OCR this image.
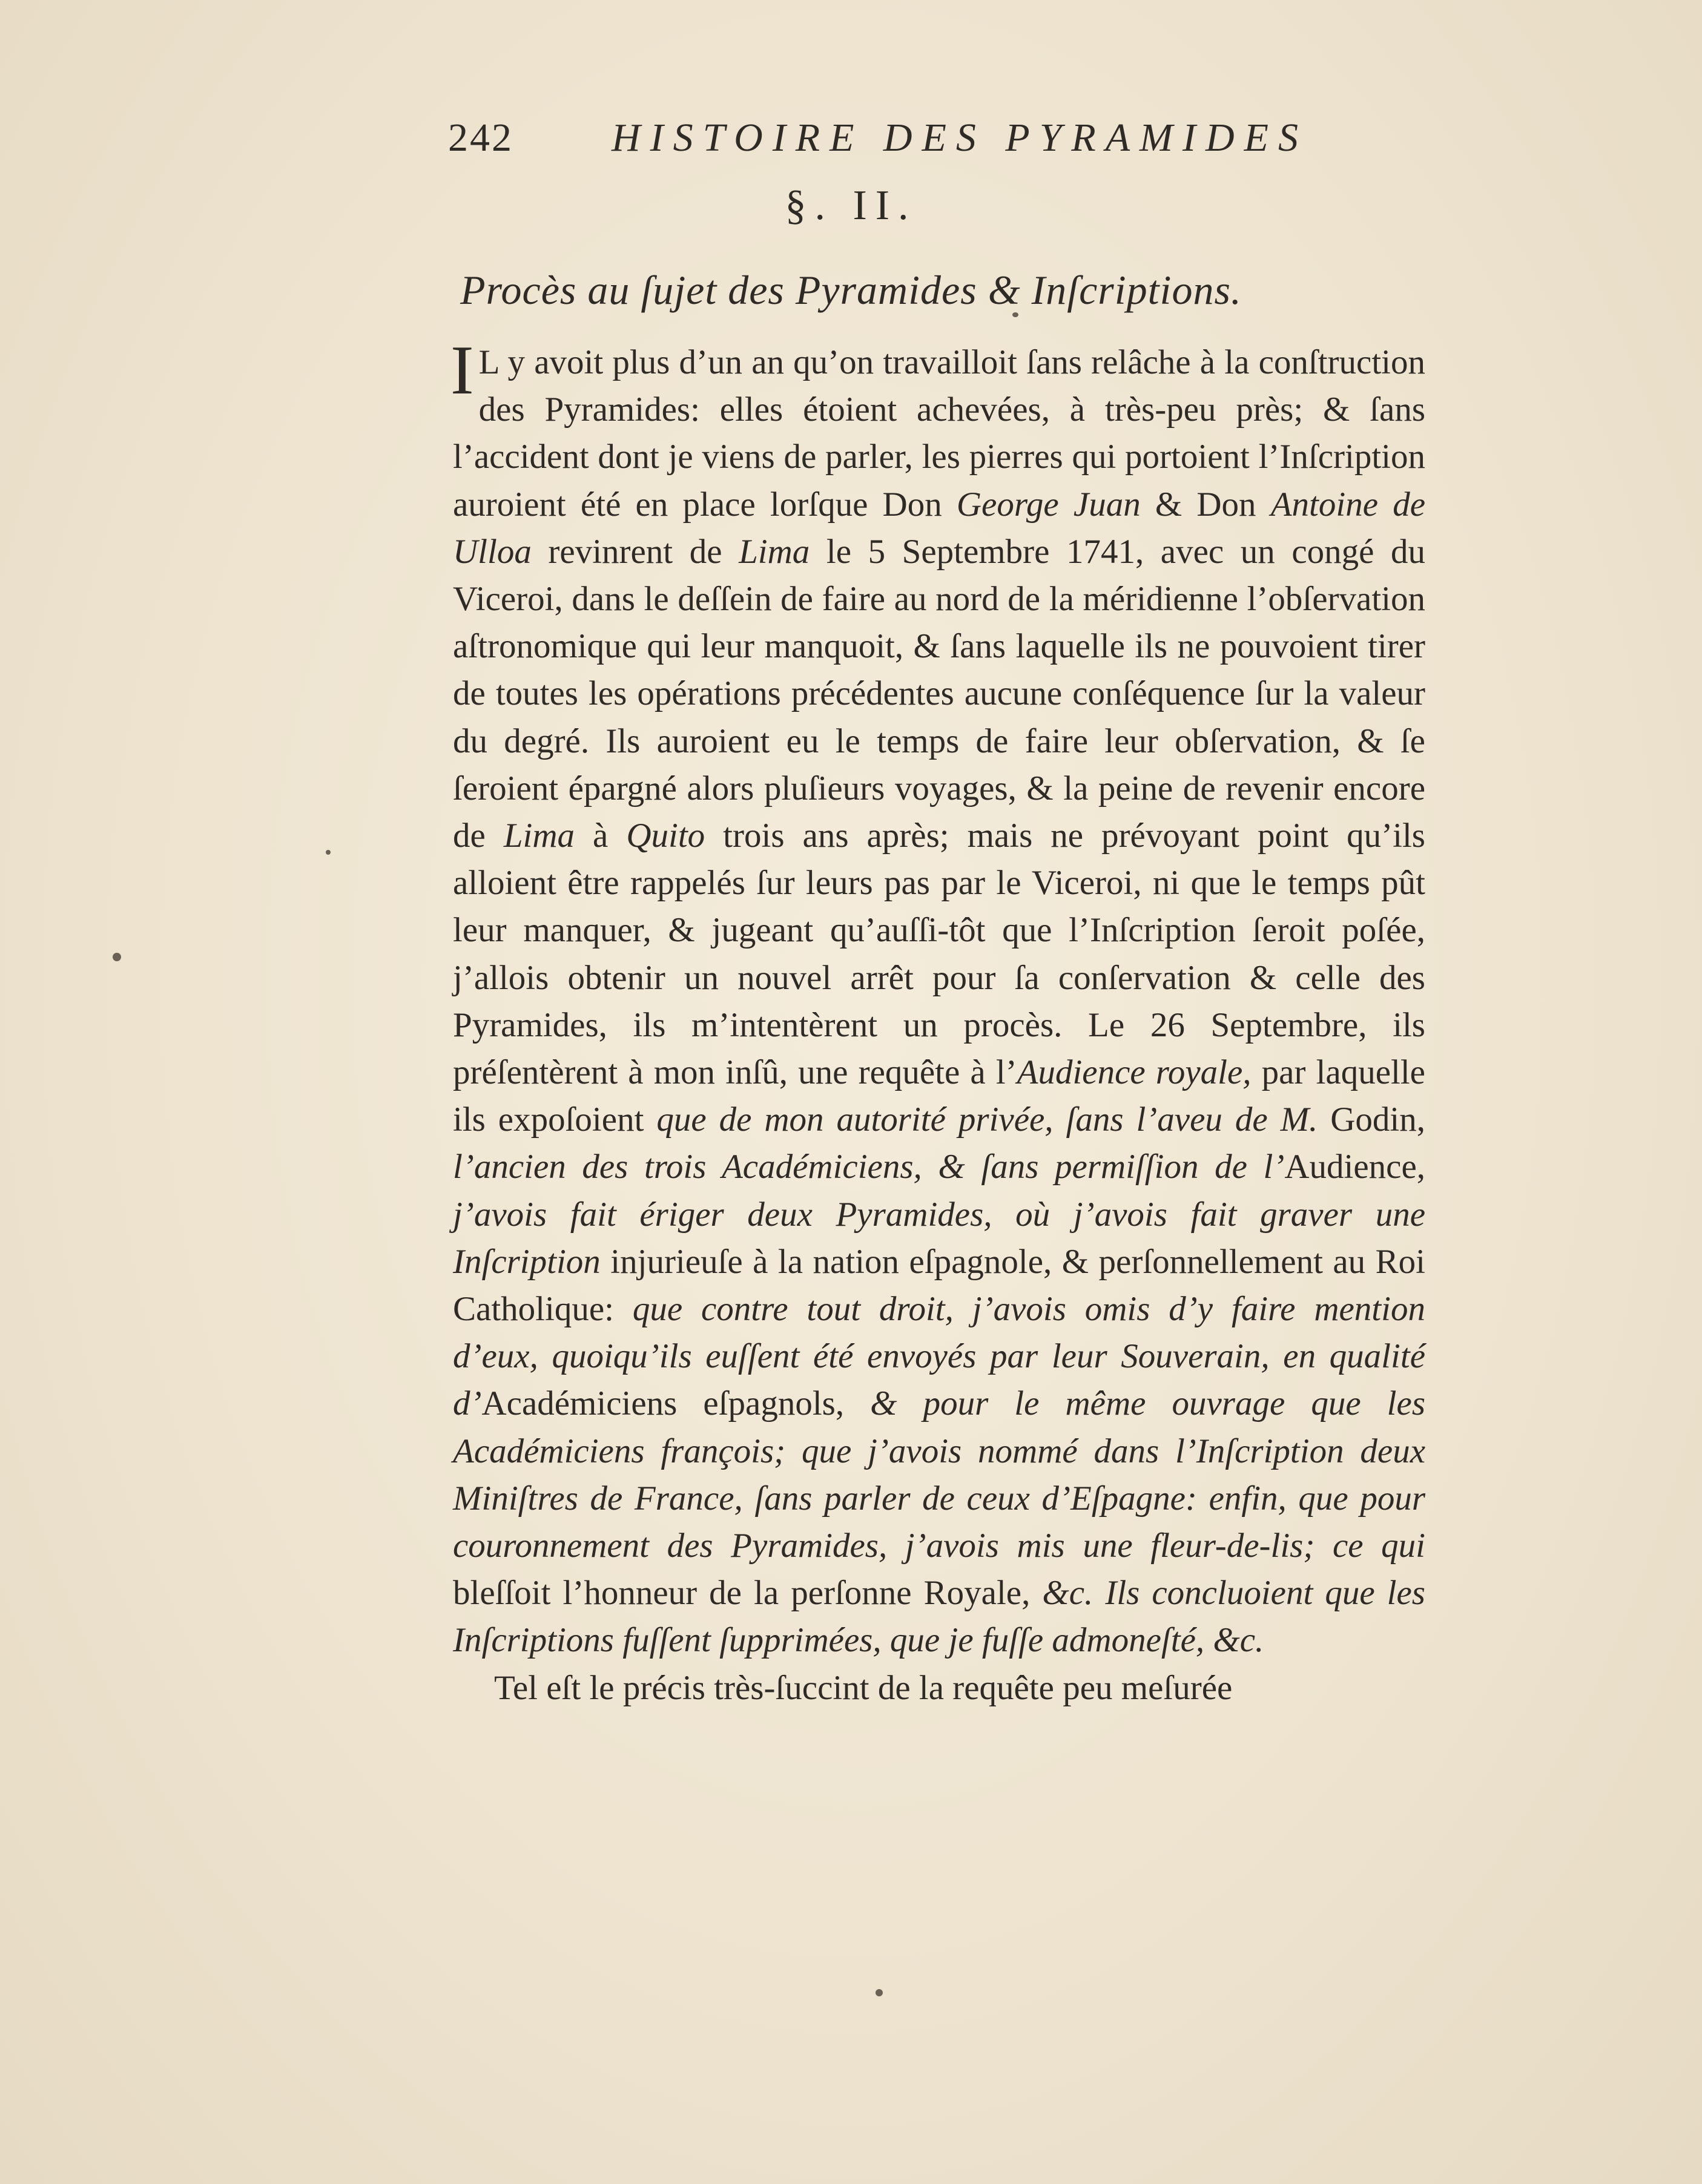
242 HISTOIRE DES PYRAMIDES
§. II.
Procès au ſujet des Pyramides & Inſcriptions.

I L y avoit plus d’un an qu’on travailloit ſans relâche à la conſtruction des Pyramides: elles étoient achevées, à très-peu près; & ſans l’accident dont je viens de parler, les pierres qui portoient l’Inſcription auroient été en place lorſque Don George Juan & Don Antoine de Ulloa revinrent de Lima le 5 Septembre 1741, avec un congé du Viceroi, dans le deſſein de faire au nord de la méridienne l’obſervation aſtronomique qui leur manquoit, & ſans laquelle ils ne pouvoient tirer de toutes les opérations précédentes aucune conſéquence ſur la valeur du degré. Ils auroient eu le temps de faire leur obſervation, & ſe ſeroient épargné alors pluſieurs voyages, & la peine de revenir encore de Lima à Quito trois ans après; mais ne prévoyant point qu’ils alloient être rappelés ſur leurs pas par le Viceroi, ni que le temps pût leur manquer, & jugeant qu’auſſi-tôt que l’Inſcription ſeroit poſée, j’allois obtenir un nouvel arrêt pour ſa conſervation & celle des Pyramides, ils m’intentèrent un procès. Le 26 Septembre, ils préſentèrent à mon inſû, une requête à l’Audience royale, par laquelle ils expoſoient que de mon autorité privée, ſans l’aveu de M. Godin, l’ancien des trois Académiciens, & ſans permiſſion de l’Audience, j’avois fait ériger deux Pyramides, où j’avois fait graver une Inſcription injurieuſe à la nation eſpagnole, & perſonnellement au Roi Catholique: que contre tout droit, j’avois omis d’y faire mention d’eux, quoiqu’ils euſſent été envoyés par leur Souverain, en qualité d’Académiciens eſpagnols, & pour le même ouvrage que les Académiciens françois; que j’avois nommé dans l’Inſcription deux Miniſtres de France, ſans parler de ceux d’Eſpagne: enfin, que pour couronnement des Pyramides, j’avois mis une fleur-de-lis; ce qui bleſſoit l’honneur de la perſonne Royale, &c. Ils concluoient que les Inſcriptions fuſſent ſupprimées, que je fuſſe admoneſté, &c.

Tel eſt le précis très-ſuccint de la requête peu meſurée
